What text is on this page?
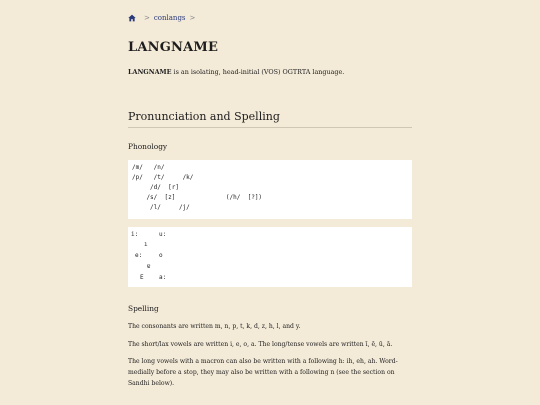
> conlangs >
LANGNAME

LANGNAME is an isolating, head-initial (VOS) OGTRTA language.

Pronunciation and Spelling
Phonology
/m/   /n/
/p/   /t/     /k/
/d/  [r]
/s/  [z]              (/h/  [?])
/l/     /j/
i:	u:
ı
e:	o
ɐ
E	a:
Spelling

The consonants are written m, n, p, t, k, d, z, h, l, and y.

The short/lax vowels are written i, e, o, a. The long/tense vowels are written ī, ē, ū, ā.

The long vowels with a macron can also be written with a following h: ih, eh, ah. Word-medially before a stop, they may also be written with a following n (see the section on Sandhi below).
